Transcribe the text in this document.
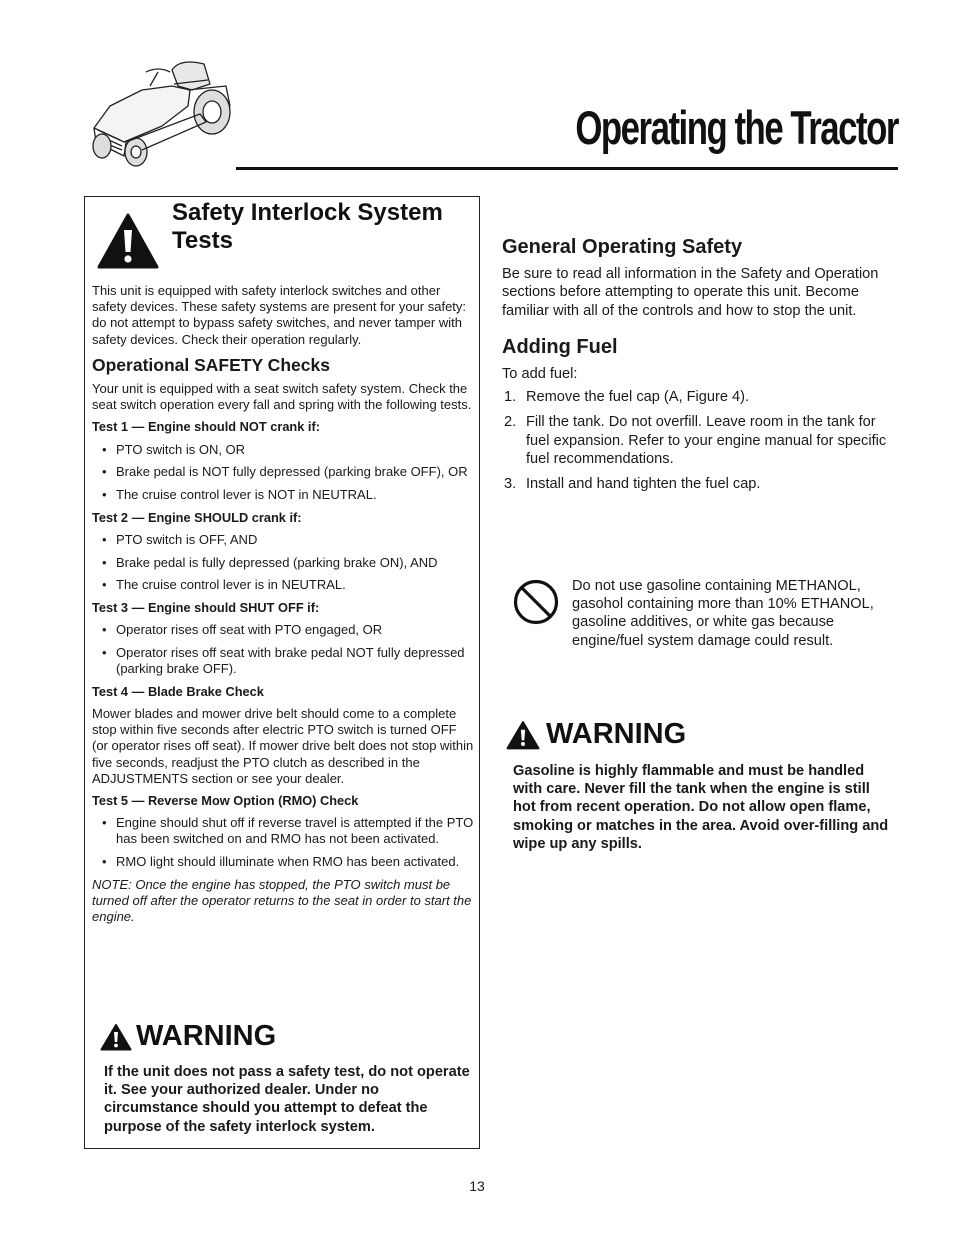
Operating the Tractor
Safety Interlock System Tests

This unit is equipped with safety interlock switches and other safety devices. These safety systems are present for your safety: do not attempt to bypass safety switches, and never tamper with safety devices. Check their operation regularly.

Operational SAFETY Checks

Your unit is equipped with a seat switch safety system. Check the seat switch operation every fall and spring with the following tests.

Test 1 — Engine should NOT crank if:
• PTO switch is ON, OR
• Brake pedal is NOT fully depressed (parking brake OFF), OR
• The cruise control lever is NOT in NEUTRAL.
Test 2 — Engine SHOULD crank if:
• PTO switch is OFF, AND
• Brake pedal is fully depressed (parking brake ON), AND
• The cruise control lever is in NEUTRAL.
Test 3 — Engine should SHUT OFF if:
• Operator rises off seat with PTO engaged, OR
• Operator rises off seat with brake pedal NOT fully depressed (parking brake OFF).
Test 4 — Blade Brake Check

Mower blades and mower drive belt should come to a complete stop within five seconds after electric PTO switch is turned OFF (or operator rises off seat). If mower drive belt does not stop within five seconds, readjust the PTO clutch as described in the ADJUSTMENTS section or see your dealer.

Test 5 — Reverse Mow Option (RMO) Check
• Engine should shut off if reverse travel is attempted if the PTO has been switched on and RMO has not been activated.
• RMO light should illuminate when RMO has been activated.

NOTE: Once the engine has stopped, the PTO switch must be turned off after the operator returns to the seat in order to start the engine.

WARNING

If the unit does not pass a safety test, do not operate it. See your authorized dealer. Under no circumstance should you attempt to defeat the purpose of the safety interlock system.

General Operating Safety

Be sure to read all information in the Safety and Operation sections before attempting to operate this unit. Become familiar with all of the controls and how to stop the unit.

Adding Fuel

To add fuel:

1. Remove the fuel cap (A, Figure 4).
2. Fill the tank. Do not overfill. Leave room in the tank for fuel expansion. Refer to your engine manual for specific fuel recommendations.
3. Install and hand tighten the fuel cap.

Do not use gasoline containing METHANOL, gasohol containing more than 10% ETHANOL, gasoline additives, or white gas because engine/fuel system damage could result.

WARNING

Gasoline is highly flammable and must be handled with care. Never fill the tank when the engine is still hot from recent operation. Do not allow open flame, smoking or matches in the area. Avoid over-filling and wipe up any spills.

13
